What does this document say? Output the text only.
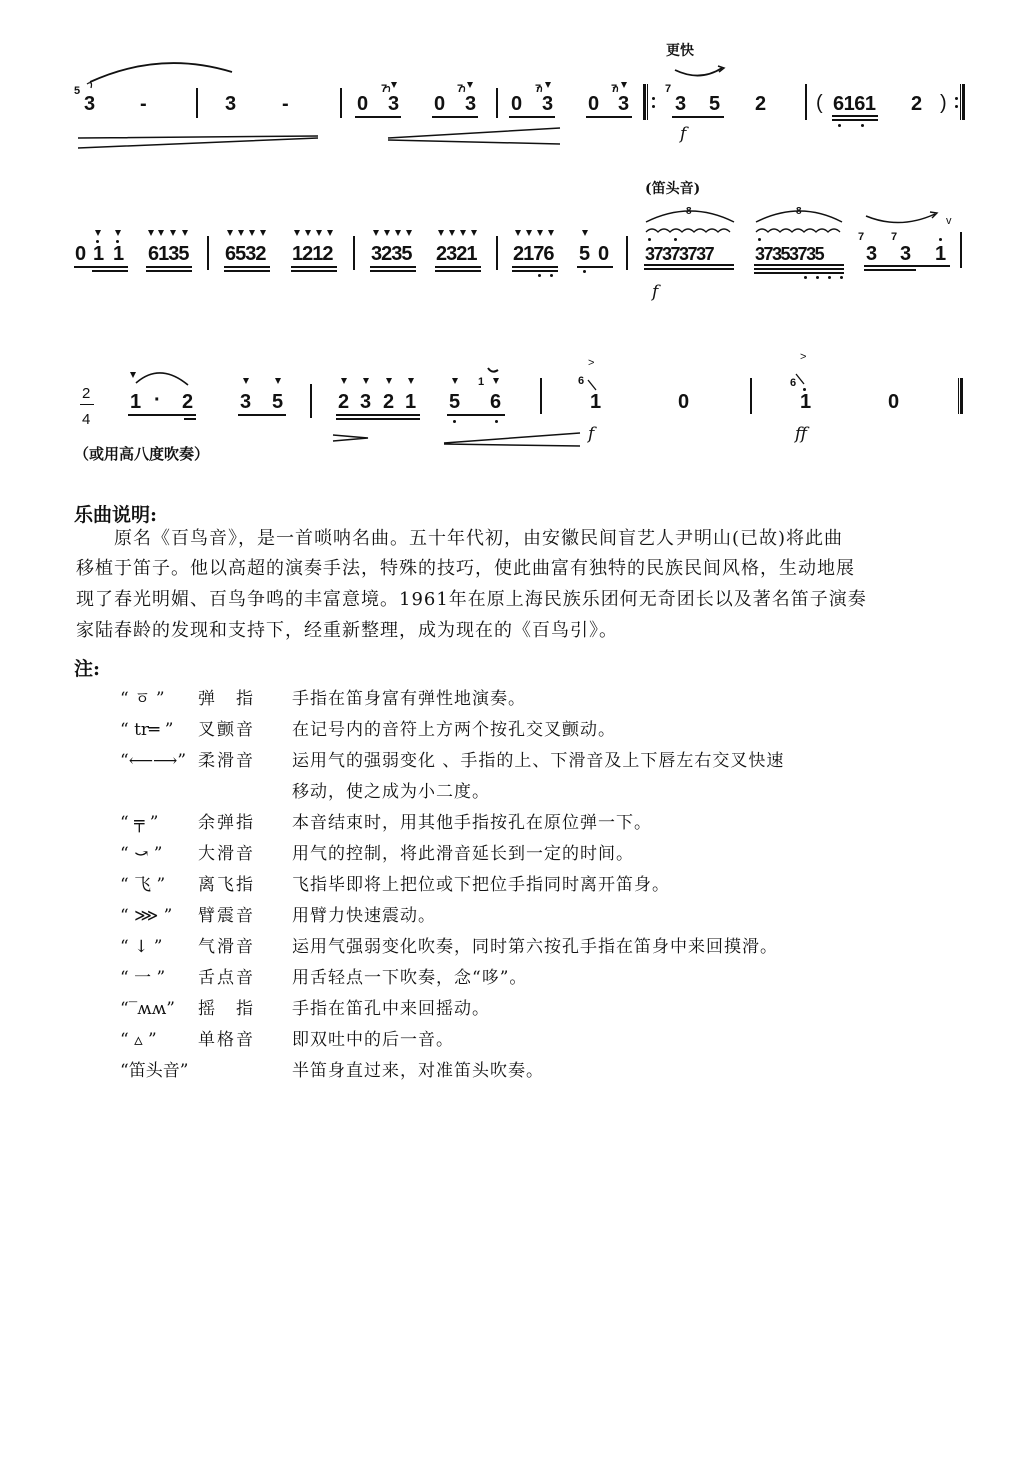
5
3 -	3 -	0
7
3 0
7
3 0
7
3 0
7
3
更快
7
3 5
f
2 ( 6161 2 )
0 1 1 6135 6532 1212 3235 2321 2176 5 0
(笛头音)
8	8
37373737
f
37353735
7
3
7
3 1
v
2
4
1 · 2 3 5	2 3 2 1 5
1
6
>
6
1
f
0
>
6
1
ff
0
（或用高八度吹奏）
乐曲说明:
原名《百鸟音》，是一首唢呐名曲。五十年代初，由安徽民间盲艺人尹明山(已故)将此曲
移植于笛子。他以高超的演奏手法，特殊的技巧，使此曲富有独特的民族民间风格，生动地展
现了春光明媚、百鸟争鸣的丰富意境。1961年在原上海民族乐团何无奇团长以及著名笛子演奏
家陆春龄的发现和支持下，经重新整理，成为现在的《百鸟引》。
注:
“ ㆆ ” 弹　指 手指在笛身富有弹性地演奏。
“ tr═ ” 叉颤音 在记号内的音符上方两个按孔交叉颤动。
“⟵⟶” 柔滑音 运用气的强弱变化 、手指的上、下滑音及上下唇左右交叉快速
移动，使之成为小二度。
“ ╤ ” 余弹指 本音结束时，用其他手指按孔在原位弹一下。
“ ⤻ ” 大滑音 用气的控制，将此滑音延长到一定的时间。
“ 飞 ” 离飞指 飞指毕即将上把位或下把位手指同时离开笛身。
“ ⋙ ” 臂震音 用臂力快速震动。
“ ↓ ” 气滑音 运用气强弱变化吹奏，同时第六按孔手指在笛身中来回摸滑。
“ 一 ” 舌点音 用舌轻点一下吹奏，念“哆”。
“‾ʍʍ” 摇　指 手指在笛孔中来回摇动。
“ ▵ ” 单格音 即双吐中的后一音。
“笛头音”	半笛身直过来，对准笛头吹奏。
